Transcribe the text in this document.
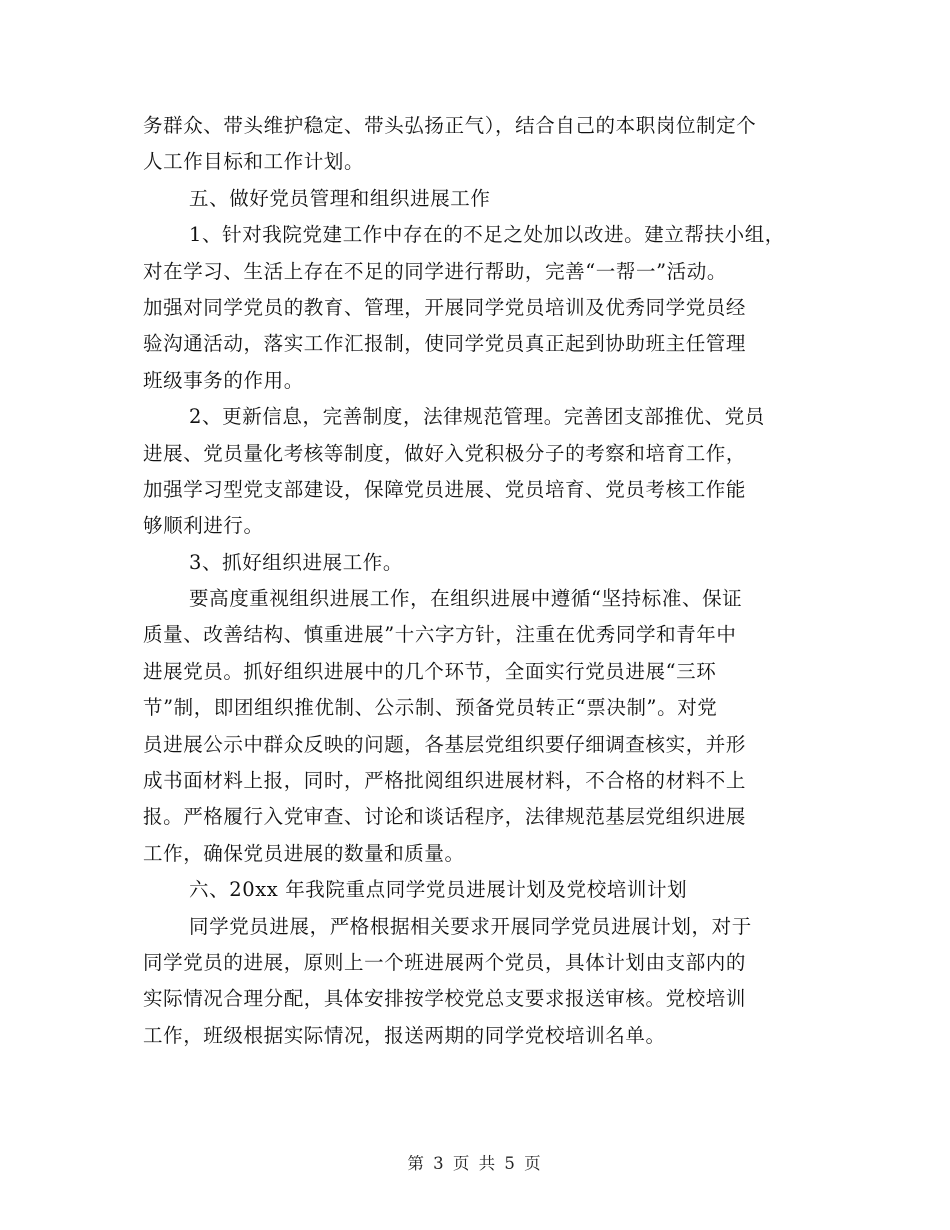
务群众、带头维护稳定、带头弘扬正气），结合自己的本职岗位制定个
人工作目标和工作计划。
五、做好党员管理和组织进展工作
1、针对我院党建工作中存在的不足之处加以改进。建立帮扶小组，
对在学习、生活上存在不足的同学进行帮助，完善“一帮一”活动。
加强对同学党员的教育、管理，开展同学党员培训及优秀同学党员经
验沟通活动，落实工作汇报制，使同学党员真正起到协助班主任管理
班级事务的作用。
2、更新信息，完善制度，法律规范管理。完善团支部推优、党员
进展、党员量化考核等制度，做好入党积极分子的考察和培育工作，
加强学习型党支部建设，保障党员进展、党员培育、党员考核工作能
够顺利进行。
3、抓好组织进展工作。
要高度重视组织进展工作，在组织进展中遵循“坚持标准、保证
质量、改善结构、慎重进展”十六字方针，注重在优秀同学和青年中
进展党员。抓好组织进展中的几个环节，全面实行党员进展“三环
节”制，即团组织推优制、公示制、预备党员转正“票决制”。对党
员进展公示中群众反映的问题，各基层党组织要仔细调查核实，并形
成书面材料上报，同时，严格批阅组织进展材料，不合格的材料不上
报。严格履行入党审查、讨论和谈话程序，法律规范基层党组织进展
工作，确保党员进展的数量和质量。
六、20xx 年我院重点同学党员进展计划及党校培训计划
同学党员进展，严格根据相关要求开展同学党员进展计划，对于
同学党员的进展，原则上一个班进展两个党员，具体计划由支部内的
实际情况合理分配，具体安排按学校党总支要求报送审核。党校培训
工作，班级根据实际情况，报送两期的同学党校培训名单。
第 3 页 共 5 页
